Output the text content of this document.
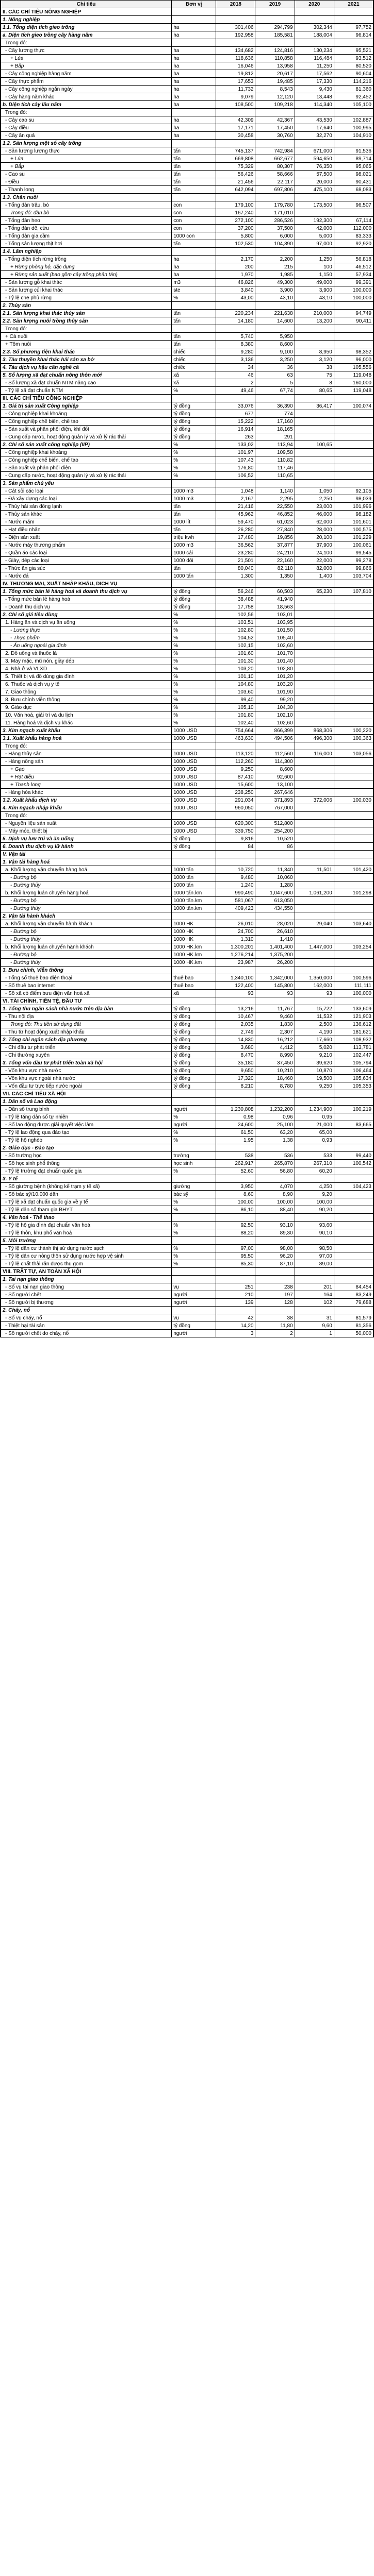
Chỉ tiêu	Đơn vị	2018	2019	2020	2021
II. CÁC CHỈ TIÊU NÔNG NGHIỆP					
1. Nông nghiệp					
1.1. Tổng diện tích gieo trồng	ha	301,406	294,799	302,344	97,752
a. Diện tích gieo trồng cây hàng năm	ha	192,958	185,581	188,004	96,814
Trong đó:					
- Cây lương thực	ha	134,682	124,816	130,234	95,521
+ Lúa	ha	118,636	110,858	116,484	93,512
+ Bắp	ha	16,046	13,958	11,250	80,520
- Cây công nghiệp hàng năm	ha	19,812	20,617	17,562	90,604
- Cây thực phẩm	ha	17,653	19,485	17,330	114,216
- Cây công nghiệp ngắn ngày	ha	11,732	8,543	9,430	81,360
- Cây hàng năm khác	ha	9,079	12,120	13,448	92,452
b. Diện tích cây lâu năm	ha	108,500	109,218	114,340	105,100
Trong đó:					
- Cây cao su	ha	42,309	42,367	43,530	102,887
- Cây điều	ha	17,171	17,450	17,640	100,995
- Cây ăn quả	ha	30,458	30,760	32,270	104,910
1.2. Sản lượng một số cây trồng					
- Sản lượng lương thực	tấn	745,137	742,984	671,000	91,536
+ Lúa	tấn	669,808	662,677	594,650	89,714
+ Bắp	tấn	75,329	80,307	76,350	95,065
- Cao su	tấn	56,426	58,666	57,500	98,021
- Điều	tấn	21,456	22,117	20,000	90,431
- Thanh long	tấn	642,094	697,806	475,100	68,083
1.3. Chăn nuôi					
- Tổng đàn trâu, bò	con	179,100	179,780	173,500	96,507
Trong đó: đàn bò	con	167,240	171,010		
- Tổng đàn heo	con	272,100	286,526	192,300	67,114
- Tổng đàn dê, cừu	con	37,200	37,500	42,000	112,000
- Tổng đàn gia cầm	1000 con	5,800	6,000	5,000	83,333
- Tổng sản lượng thịt hơi	tấn	102,530	104,390	97,000	92,920
1.4. Lâm nghiệp					
- Tổng diện tích rừng trồng	ha	2,170	2,200	1,250	56,818
+ Rừng phòng hộ, đặc dụng	ha	200	215	100	46,512
+ Rừng sản xuất (bao gồm cây trồng phân tán)	ha	1,970	1,985	1,150	57,934
- Sản lượng gỗ khai thác	m3	46,826	49,300	49,000	99,391
- Sản lượng củi khai thác	ste	3,840	3,900	3,900	100,000
- Tỷ lệ che phủ rừng	%	43,00	43,10	43,10	100,000
2. Thủy sản					
2.1. Sản lượng khai thác thủy sản	tấn	220,234	221,638	210,000	94,749
2.2. Sản lượng nuôi trồng thủy sản	tấn	14,180	14,600	13,200	90,411
Trong đó:					
+ Cá nuôi	tấn	5,740	5,950		
+ Tôm nuôi	tấn	8,380	8,600		
2.3. Số phương tiện khai thác	chiếc	9,280	9,100	8,950	98,352
3. Tàu thuyền khai thác hải sản xa bờ	chiếc	3,136	3,250	3,120	96,000
4. Tàu dịch vụ hậu cần nghề cá	chiếc	34	36	38	105,556
5. Số lượng xã đạt chuẩn nông thôn mới	xã	46	63	75	119,048
- Số lượng xã đạt chuẩn NTM nâng cao	xã	2	5	8	160,000
- Tỷ lệ xã đạt chuẩn NTM	%	49,46	67,74	80,65	119,048
III. CÁC CHỈ TIÊU CÔNG NGHIỆP					
1. Giá trị sản xuất Công nghiệp	tỷ đồng	33,076	36,390	36,417	100,074
- Công nghiệp khai khoáng	tỷ đồng	677	774		
- Công nghiệp chế biến, chế tạo	tỷ đồng	15,222	17,160		
- Sản xuất và phân phối điện, khí đốt	tỷ đồng	16,914	18,165		
- Cung cấp nước, hoạt động quản lý và xử lý rác thải	tỷ đồng	263	291		
2. Chỉ số sản xuất công nghiệp (IIP)	%	133,02	113,94	100,65	
- Công nghiệp khai khoáng	%	101,97	109,58		
- Công nghiệp chế biến, chế tạo	%	107,43	110,82		
- Sản xuất và phân phối điện	%	176,80	117,46		
- Cung cấp nước, hoạt động quản lý và xử lý rác thải	%	106,52	110,65		
3. Sản phẩm chủ yếu					
- Cát sỏi các loại	1000 m3	1,048	1,140	1,050	92,105
- Đá xây dựng các loại	1000 m3	2,167	2,295	2,250	98,039
- Thủy hải sản đông lạnh	tấn	21,416	22,550	23,000	101,996
- Thủy sản khác	tấn	45,962	46,852	46,000	98,182
- Nước mắm	1000 lít	59,470	61,023	62,000	101,601
- Hạt điều nhân	tấn	26,280	27,840	28,000	100,575
- Điện sản xuất	triệu kwh	17,480	19,856	20,100	101,229
- Nước máy thương phẩm	1000 m3	36,562	37,877	37,900	100,061
- Quần áo các loại	1000 cái	23,280	24,210	24,100	99,545
- Giày, dép các loại	1000 đôi	21,501	22,160	22,000	99,278
- Thức ăn gia súc	tấn	80,040	82,110	82,000	99,866
- Nước đá	1000 tấn	1,300	1,350	1,400	103,704
IV. THƯƠNG MẠI, XUẤT NHẬP KHẨU, DỊCH VỤ					
1. Tổng mức bán lẻ hàng hoá và doanh thu dịch vụ	tỷ đồng	56,246	60,503	65,230	107,810
- Tổng mức bán lẻ hàng hoá	tỷ đồng	38,488	41,940		
- Doanh thu dịch vụ	tỷ đồng	17,758	18,563		
2. Chỉ số giá tiêu dùng	%	102,56	103,01		
1. Hàng ăn và dịch vụ ăn uống	%	103,51	103,95		
- Lương thực	%	102,80	101,50		
- Thực phẩm	%	104,52	105,40		
- Ăn uống ngoài gia đình	%	102,15	102,60		
2. Đồ uống và thuốc lá	%	101,60	101,70		
3. May mặc, mũ nón, giày dép	%	101,30	101,40		
4. Nhà ở và VLXD	%	103,20	102,80		
5. Thiết bị và đồ dùng gia đình	%	101,10	101,20		
6. Thuốc và dịch vụ y tế	%	104,80	103,20		
7. Giao thông	%	103,60	101,90		
8. Bưu chính viễn thông	%	99,40	99,20		
9. Giáo dục	%	105,10	104,30		
10. Văn hoá, giải trí và du lịch	%	101,80	102,10		
11. Hàng hoá và dịch vụ khác	%	102,40	102,60		
3. Kim ngạch xuất khẩu	1000 USD	754,664	866,399	868,306	100,220
3.1. Xuất khẩu hàng hoá	1000 USD	463,630	494,506	496,300	100,363
Trong đó:					
- Hàng thủy sản	1000 USD	113,120	112,560	116,000	103,056
- Hàng nông sản	1000 USD	112,260	114,300		
+ Gạo	1000 USD	9,250	8,600		
+ Hạt điều	1000 USD	87,410	92,600		
+ Thanh long	1000 USD	15,600	13,100		
- Hàng hóa khác	1000 USD	238,250	267,646		
3.2. Xuất khẩu dịch vụ	1000 USD	291,034	371,893	372,006	100,030
4. Kim ngạch nhập khẩu	1000 USD	960,050	767,000		
Trong đó:					
- Nguyên liệu sản xuất	1000 USD	620,300	512,800		
- Máy móc, thiết bị	1000 USD	339,750	254,200		
5. Dịch vụ lưu trú và ăn uống	tỷ đồng	9,816	10,520		
6. Doanh thu dịch vụ lữ hành	tỷ đồng	84	86		
V. Vận tải					
1. Vận tải hàng hoá					
a. Khối lượng vận chuyển hàng hoá	1000 tấn	10,720	11,340	11,501	101,420
- Đường bộ	1000 tấn	9,480	10,060		
- Đường thủy	1000 tấn	1,240	1,280		
b. Khối lượng luân chuyển hàng hoá	1000 tấn.km	990,490	1,047,600	1,061,200	101,298
- Đường bộ	1000 tấn.km	581,067	613,050		
- Đường thủy	1000 tấn.km	409,423	434,550		
2. Vận tải hành khách					
a. Khối lượng vận chuyển hành khách	1000 HK	26,010	28,020	29,040	103,640
- Đường bộ	1000 HK	24,700	26,610		
- Đường thủy	1000 HK	1,310	1,410		
b. Khối lượng luân chuyển hành khách	1000 HK.km	1,300,201	1,401,400	1,447,000	103,254
- Đường bộ	1000 HK.km	1,276,214	1,375,200		
- Đường thủy	1000 HK.km	23,987	26,200		
3. Bưu chính, Viễn thông					
- Tổng số thuê bao điện thoại	thuê bao	1,340,100	1,342,000	1,350,000	100,596
- Số thuê bao internet	thuê bao	122,400	145,800	162,000	111,111
- Số xã có điểm bưu điện văn hoá xã	xã	93	93	93	100,000
VI. TÀI CHÍNH, TIỀN TỆ, ĐẦU TƯ					
1. Tổng thu ngân sách nhà nước trên địa bàn	tỷ đồng	13,216	11,767	15,722	133,609
- Thu nội địa	tỷ đồng	10,467	9,460	11,532	121,903
Trong đó: Thu tiền sử dụng đất	tỷ đồng	2,035	1,830	2,500	136,612
- Thu từ hoạt động xuất nhập khẩu	tỷ đồng	2,749	2,307	4,190	181,621
2. Tổng chi ngân sách địa phương	tỷ đồng	14,830	16,212	17,660	108,932
- Chi đầu tư phát triển	tỷ đồng	3,680	4,412	5,020	113,781
- Chi thường xuyên	tỷ đồng	8,470	8,990	9,210	102,447
3. Tổng vốn đầu tư phát triển toàn xã hội	tỷ đồng	35,180	37,450	39,620	105,794
- Vốn khu vực nhà nước	tỷ đồng	9,650	10,210	10,870	106,464
- Vốn khu vực ngoài nhà nước	tỷ đồng	17,320	18,460	19,500	105,634
- Vốn đầu tư trực tiếp nước ngoài	tỷ đồng	8,210	8,780	9,250	105,353
VII. CÁC CHỈ TIÊU XÃ HỘI					
1. Dân số và Lao động					
- Dân số trung bình	người	1,230,808	1,232,200	1,234,900	100,219
- Tỷ lệ tăng dân số tự nhiên	%	0,98	0,96	0,95	
- Số lao động được giải quyết việc làm	người	24,600	25,100	21,000	83,665
- Tỷ lệ lao động qua đào tạo	%	61,50	63,20	65,00	
- Tỷ lệ hộ nghèo	%	1,95	1,38	0,93	
2. Giáo dục - Đào tạo					
- Số trường học	trường	538	536	533	99,440
- Số học sinh phổ thông	học sinh	262,917	265,870	267,310	100,542
- Tỷ lệ trường đạt chuẩn quốc gia	%	52,60	56,80	60,20	
3. Y tế					
- Số giường bệnh (không kể trạm y tế xã)	giường	3,950	4,070	4,250	104,423
- Số bác sỹ/10.000 dân	bác sỹ	8,60	8,90	9,20	
- Tỷ lệ xã đạt chuẩn quốc gia về y tế	%	100,00	100,00	100,00	
- Tỷ lệ dân số tham gia BHYT	%	86,10	88,40	90,20	
4. Văn hoá - Thể thao					
- Tỷ lệ hộ gia đình đạt chuẩn văn hoá	%	92,50	93,10	93,60	
- Tỷ lệ thôn, khu phố văn hoá	%	88,20	89,30	90,10	
5. Môi trường					
- Tỷ lệ dân cư thành thị sử dụng nước sạch	%	97,00	98,00	98,50	
- Tỷ lệ dân cư nông thôn sử dụng nước hợp vệ sinh	%	95,50	96,20	97,00	
- Tỷ lệ chất thải rắn được thu gom	%	85,30	87,10	89,00	
VIII. TRẬT TỰ, AN TOÀN XÃ HỘI					
1. Tai nạn giao thông					
- Số vụ tai nạn giao thông	vụ	251	238	201	84,454
- Số người chết	người	210	197	164	83,249
- Số người bị thương	người	139	128	102	79,688
2. Cháy, nổ					
- Số vụ cháy, nổ	vụ	42	38	31	81,579
- Thiệt hại tài sản	tỷ đồng	14,20	11,80	9,60	81,356
- Số người chết do cháy, nổ	người	3	2	1	50,000
